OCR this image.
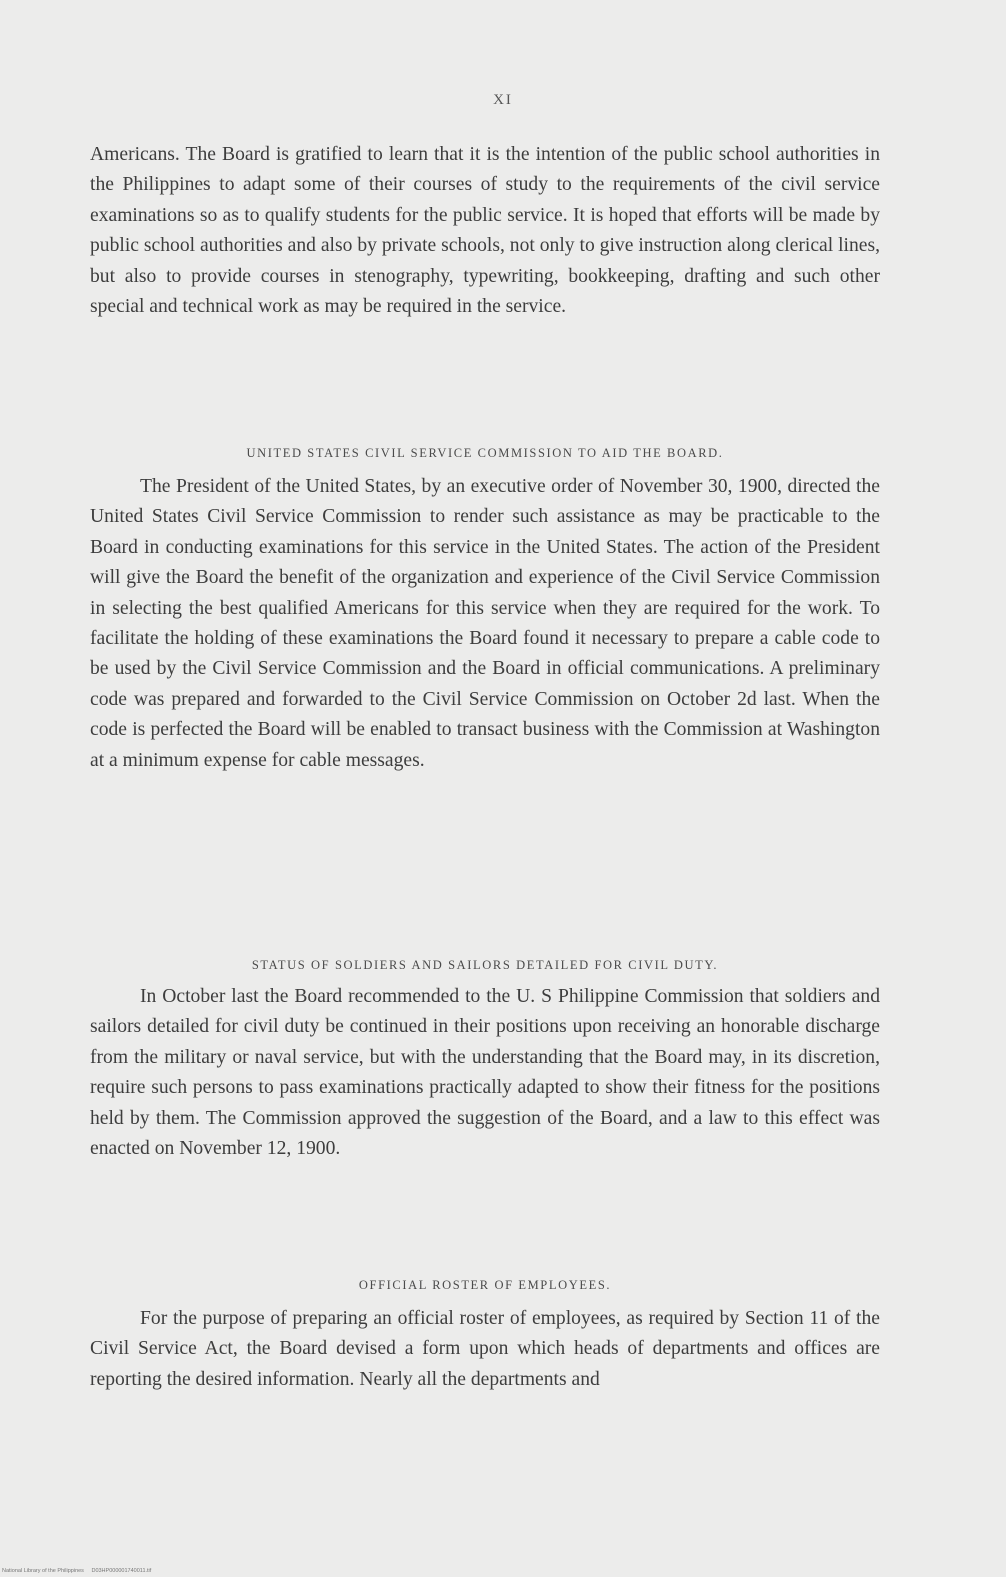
XI
Americans. The Board is gratified to learn that it is the intention of the public school authorities in the Philippines to adapt some of their courses of study to the requirements of the civil service examinations so as to qualify students for the public service. It is hoped that efforts will be made by public school authorities and also by private schools, not only to give instruction along clerical lines, but also to provide courses in stenography, typewriting, bookkeeping, drafting and such other special and technical work as may be required in the service.
UNITED STATES CIVIL SERVICE COMMISSION TO AID THE BOARD.
The President of the United States, by an executive order of November 30, 1900, directed the United States Civil Service Commission to render such assistance as may be practicable to the Board in conducting examinations for this service in the United States. The action of the President will give the Board the benefit of the organization and experience of the Civil Service Commission in selecting the best qualified Americans for this service when they are required for the work. To facilitate the holding of these examinations the Board found it necessary to prepare a cable code to be used by the Civil Service Commission and the Board in official communications. A preliminary code was prepared and forwarded to the Civil Service Commission on October 2d last. When the code is perfected the Board will be enabled to transact business with the Commission at Washington at a minimum expense for cable messages.
STATUS OF SOLDIERS AND SAILORS DETAILED FOR CIVIL DUTY.
In October last the Board recommended to the U. S Philippine Commission that soldiers and sailors detailed for civil duty be continued in their positions upon receiving an honorable discharge from the military or naval service, but with the understanding that the Board may, in its discretion, require such persons to pass examinations practically adapted to show their fitness for the positions held by them. The Commission approved the suggestion of the Board, and a law to this effect was enacted on November 12, 1900.
OFFICIAL ROSTER OF EMPLOYEES.
For the purpose of preparing an official roster of employees, as required by Section 11 of the Civil Service Act, the Board devised a form upon which heads of departments and offices are reporting the desired information. Nearly all the departments and
National Library of the Philippines D03HP000001740011.tif
